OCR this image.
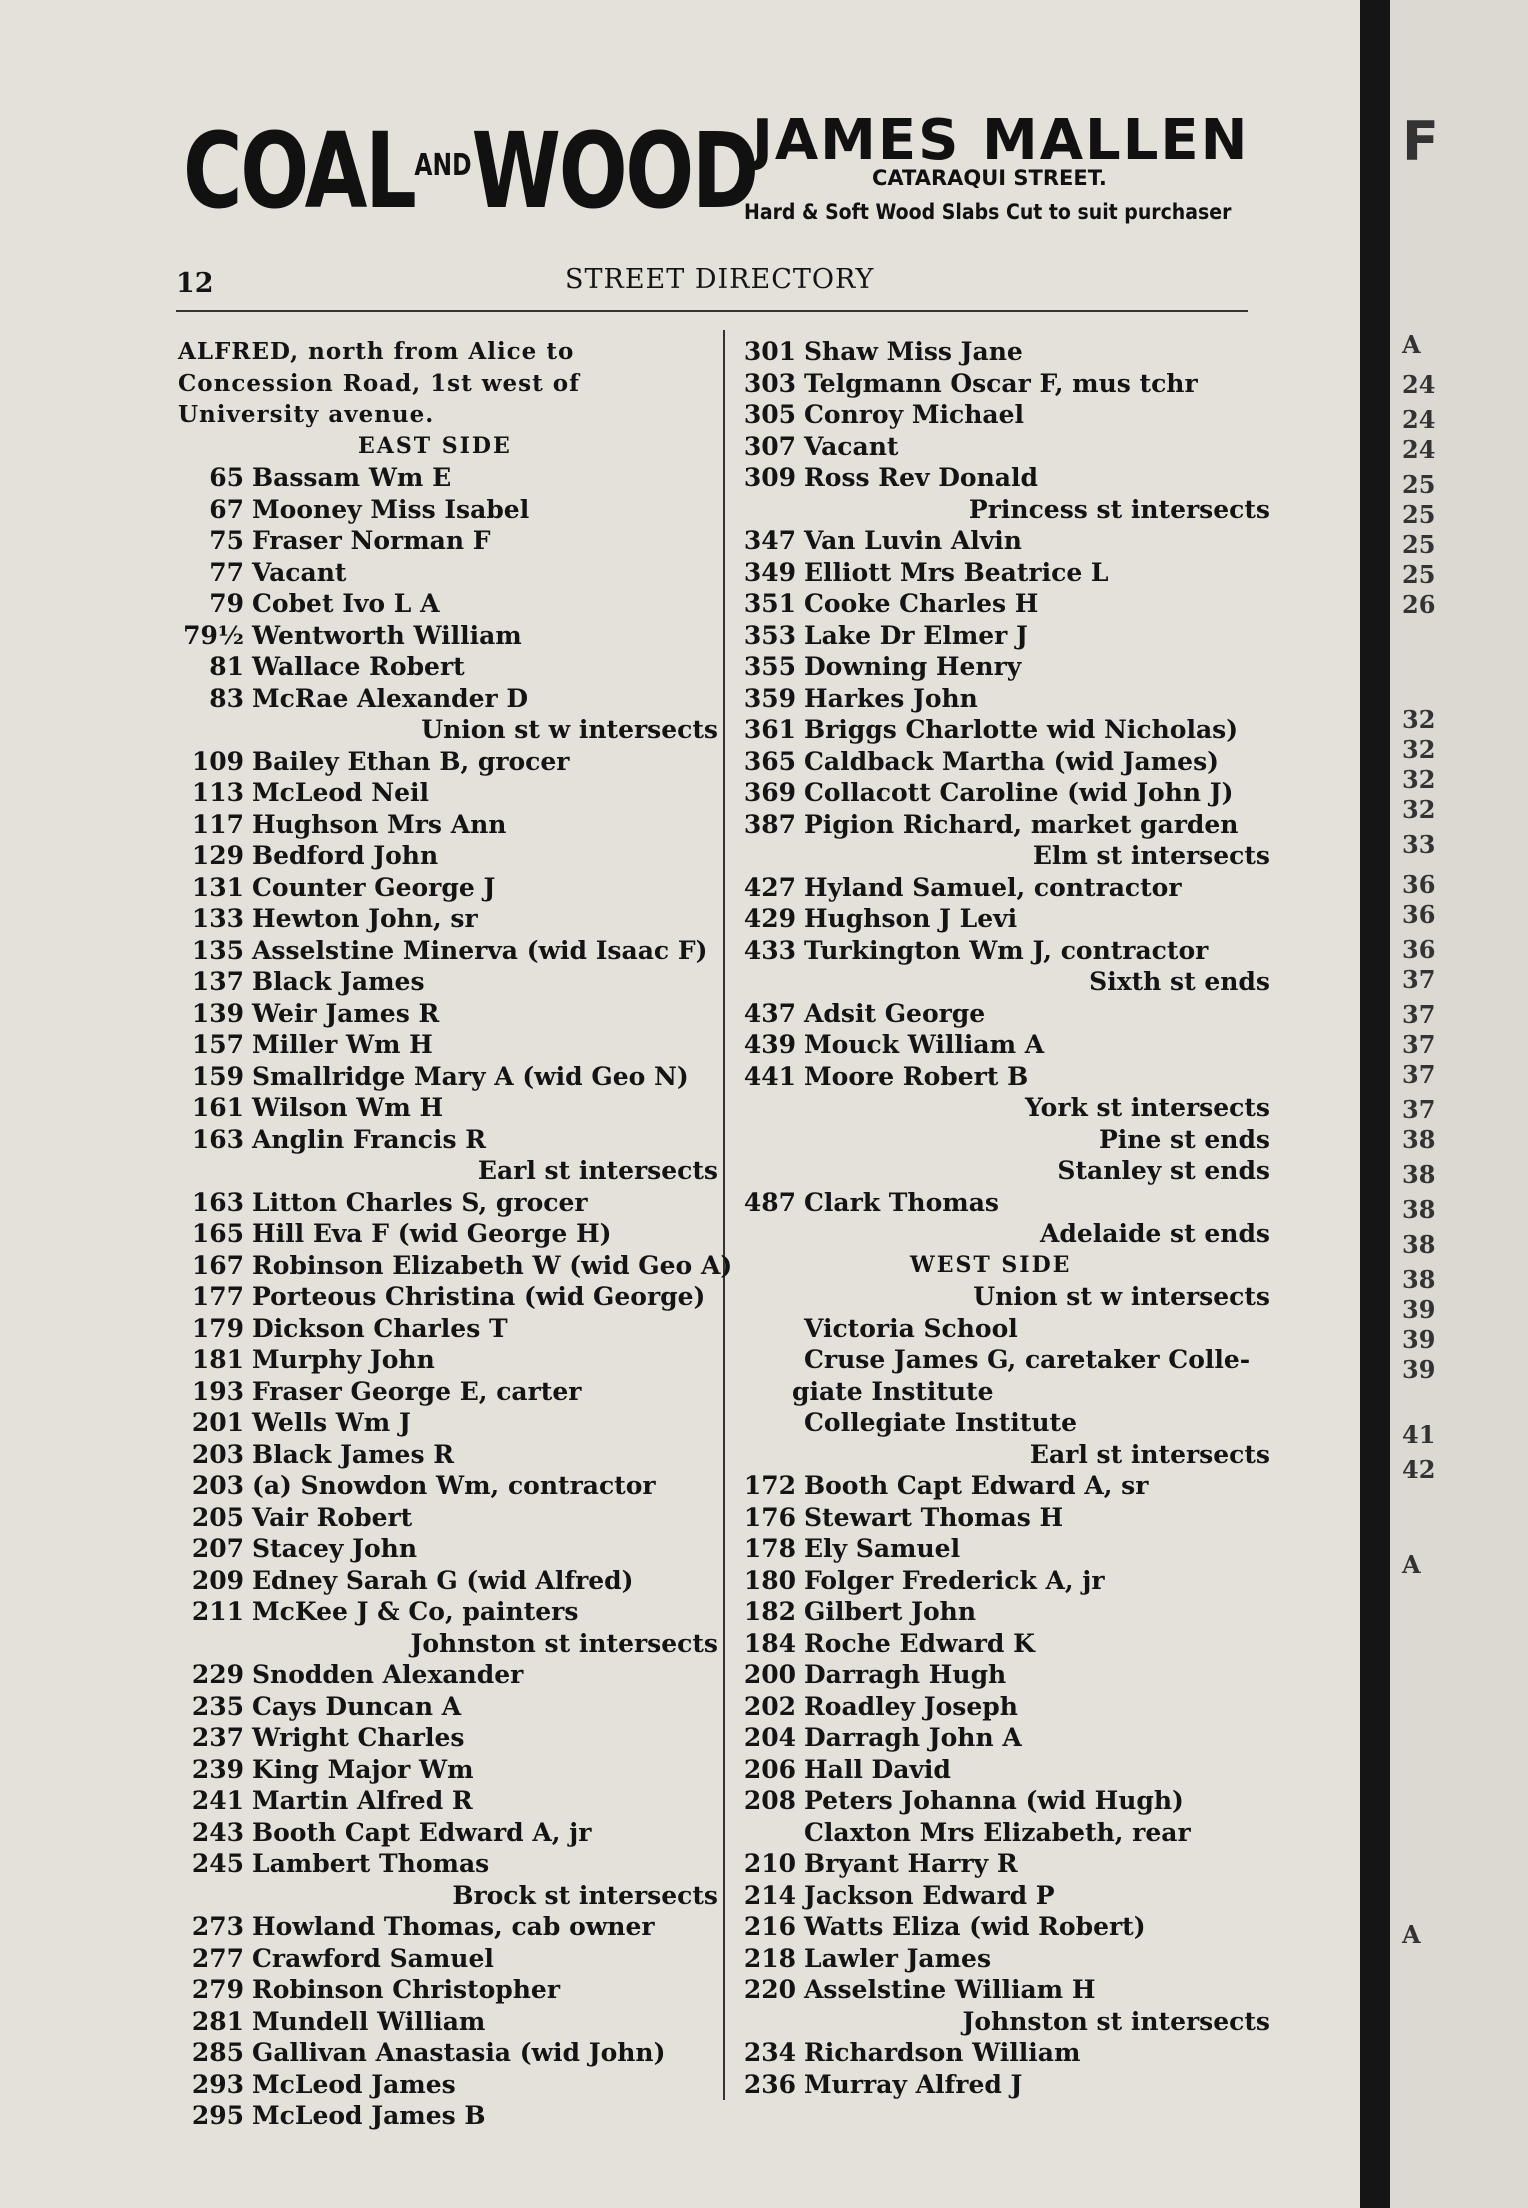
$COAL^{AND}WOOD$
JAMES MALLEN
CATARAQUI STREET.
Hard & Soft Wood Slabs Cut to suit purchaser
12	STREET DIRECTORY
ALFRED, north from Alice to Concession Road, 1st west of University avenue.
EAST SIDE
65 Bassam Wm E
67 Mooney Miss Isabel
75 Fraser Norman F
77 Vacant
79 Cobet Ivo L A
79½ Wentworth William
81 Wallace Robert
83 McRae Alexander D
Union st w intersects
109 Bailey Ethan B, grocer
113 McLeod Neil
117 Hughson Mrs Ann
129 Bedford John
131 Counter George J
133 Hewton John, sr
135 Asselstine Minerva (wid Isaac F)
137 Black James
139 Weir James R
157 Miller Wm H
159 Smallridge Mary A (wid Geo N)
161 Wilson Wm H
163 Anglin Francis R
Earl st intersects
163 Litton Charles S, grocer
165 Hill Eva F (wid George H)
167 Robinson Elizabeth W (wid Geo A)
177 Porteous Christina (wid George)
179 Dickson Charles T
181 Murphy John
193 Fraser George E, carter
201 Wells Wm J
203 Black James R
203 (a) Snowdon Wm, contractor
205 Vair Robert
207 Stacey John
209 Edney Sarah G (wid Alfred)
211 McKee J & Co, painters
Johnston st intersects
229 Snodden Alexander
235 Cays Duncan A
237 Wright Charles
239 King Major Wm
241 Martin Alfred R
243 Booth Capt Edward A, jr
245 Lambert Thomas
Brock st intersects
273 Howland Thomas, cab owner
277 Crawford Samuel
279 Robinson Christopher
281 Mundell William
285 Gallivan Anastasia (wid John)
293 McLeod James
295 McLeod James B
301 Shaw Miss Jane
303 Telgmann Oscar F, mus tchr
305 Conroy Michael
307 Vacant
309 Ross Rev Donald
Princess st intersects
347 Van Luvin Alvin
349 Elliott Mrs Beatrice L
351 Cooke Charles H
353 Lake Dr Elmer J
355 Downing Henry
359 Harkes John
361 Briggs Charlotte wid Nicholas)
365 Caldback Martha (wid James)
369 Collacott Caroline (wid John J)
387 Pigion Richard, market garden
Elm st intersects
427 Hyland Samuel, contractor
429 Hughson J Levi
433 Turkington Wm J, contractor
Sixth st ends
437 Adsit George
439 Mouck William A
441 Moore Robert B
York st intersects
Pine st ends
Stanley st ends
487 Clark Thomas
Adelaide st ends
WEST SIDE
Union st w intersects
Victoria School
Cruse James G, caretaker Colle-
giate Institute
Collegiate Institute
Earl st intersects
172 Booth Capt Edward A, sr
176 Stewart Thomas H
178 Ely Samuel
180 Folger Frederick A, jr
182 Gilbert John
184 Roche Edward K
200 Darragh Hugh
202 Roadley Joseph
204 Darragh John A
206 Hall David
208 Peters Johanna (wid Hugh)
Claxton Mrs Elizabeth, rear
210 Bryant Harry R
214 Jackson Edward P
216 Watts Eliza (wid Robert)
218 Lawler James
220 Asselstine William H
Johnston st intersects
234 Richardson William
236 Murray Alfred J
F
A
24
24
24
25
25
25
25
26
32
32
32
32
33
36
36
36
37
37
37
37
37
38
38
38
38
38
39
39
39
41
42
A
A
